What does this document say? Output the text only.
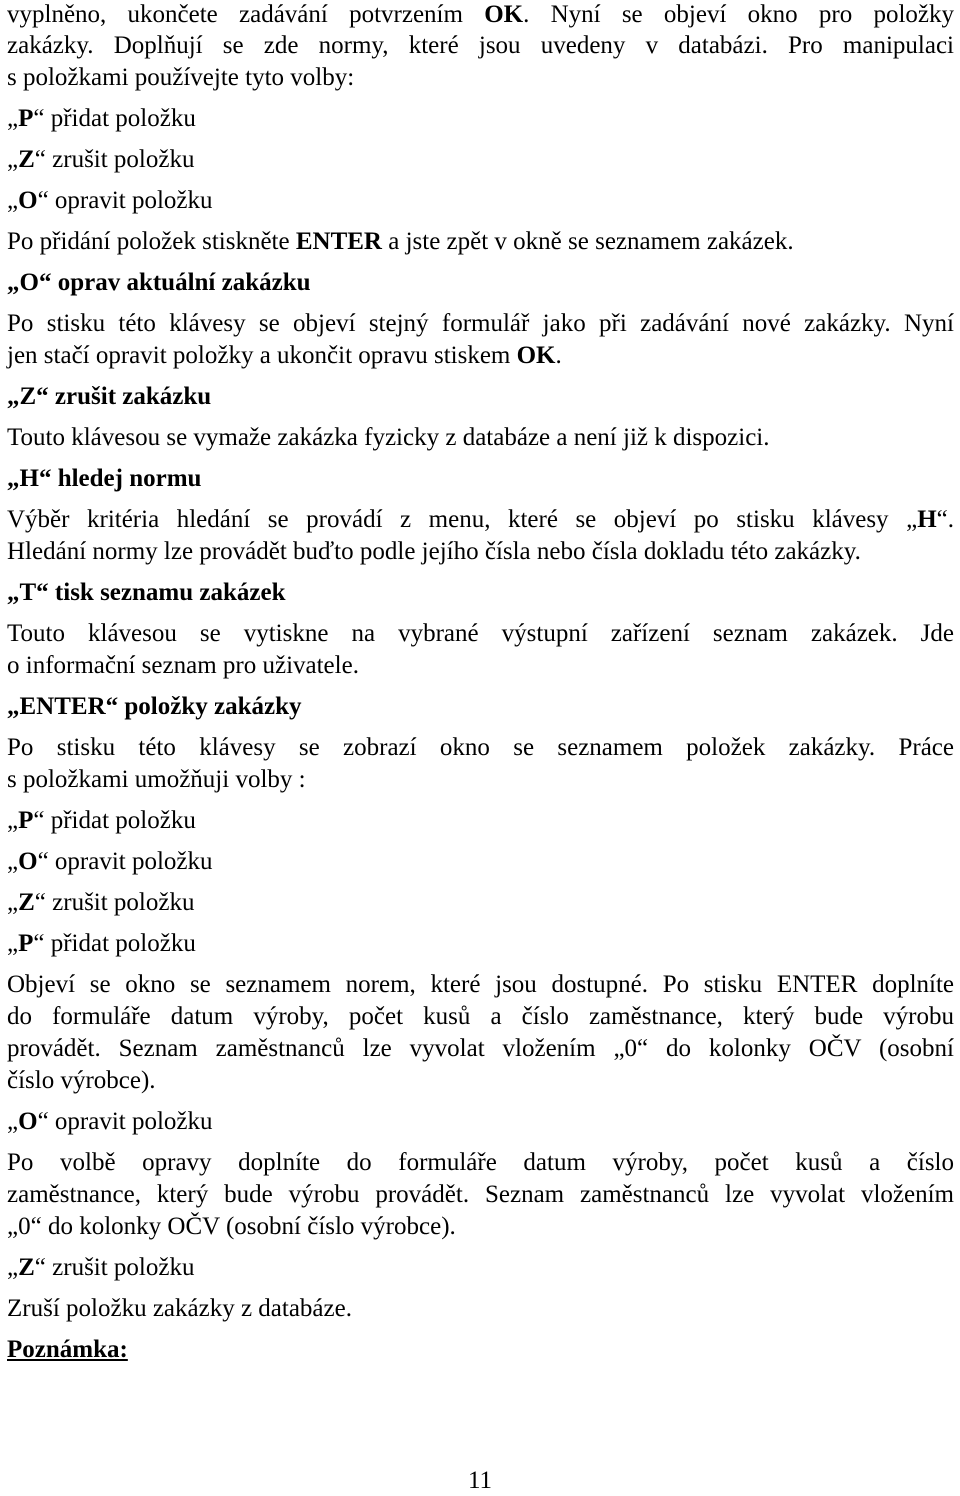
vyplněno, ukončete zadávání potvrzením OK. Nyní se objeví okno pro položky
zakázky. Doplňují se zde normy, které jsou uvedeny v databázi. Pro manipulaci
s položkami používejte tyto volby:
„P“ přidat položku
„Z“ zrušit položku
„O“ opravit položku
Po přidání položek stiskněte ENTER a jste zpět v okně se seznamem zakázek.
„O“ oprav aktuální zakázku
Po stisku této klávesy se objeví stejný formulář jako při zadávání nové zakázky. Nyní
jen stačí opravit položky a ukončit opravu stiskem OK.
„Z“ zrušit zakázku
Touto klávesou se vymaže zakázka fyzicky z databáze a není již k dispozici.
„H“ hledej normu
Výběr kritéria hledání se provádí z menu, které se objeví po stisku klávesy „H“.
Hledání normy lze provádět buďto podle jejího čísla nebo čísla dokladu této zakázky.
„T“ tisk seznamu zakázek
Touto klávesou se vytiskne na vybrané výstupní zařízení seznam zakázek. Jde
o informační seznam pro uživatele.
„ENTER“ položky zakázky
Po stisku této klávesy se zobrazí okno se seznamem položek zakázky. Práce
s položkami umožňuji volby :
„P“ přidat položku
„O“ opravit položku
„Z“ zrušit položku
„P“ přidat položku
Objeví se okno se seznamem norem, které jsou dostupné. Po stisku ENTER doplníte
do formuláře datum výroby, počet kusů a číslo zaměstnance, který bude výrobu
provádět. Seznam zaměstnanců lze vyvolat vložením „0“ do kolonky OČV (osobní
číslo výrobce).
„O“ opravit položku
Po volbě opravy doplníte do formuláře datum výroby, počet kusů a číslo
zaměstnance, který bude výrobu provádět. Seznam zaměstnanců lze vyvolat vložením
„0“ do kolonky OČV (osobní číslo výrobce).
„Z“ zrušit položku
Zruší položku zakázky z databáze.
Poznámka:
11
